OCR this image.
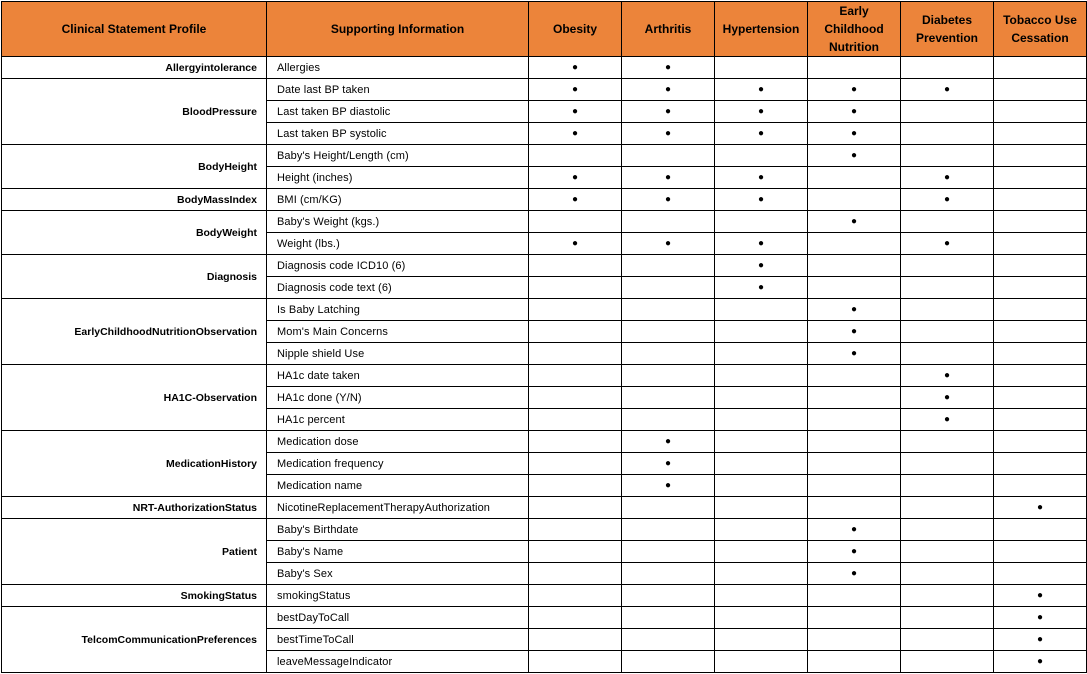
Clinical Statement Profile	Supporting Information	Obesity	Arthritis	Hypertension	Early Childhood Nutrition	Diabetes Prevention	Tobacco Use Cessation
Allergyintolerance	Allergies	●	●				
BloodPressure	Date last BP taken	●	●	●	●	●	
	Last taken BP diastolic	●	●	●	●		
	Last taken BP systolic	●	●	●	●		
BodyHeight	Baby's Height/Length (cm)				●		
	Height (inches)	●	●	●		●	
BodyMassIndex	BMI (cm/KG)	●	●	●		●	
BodyWeight	Baby's Weight (kgs.)				●		
	Weight (lbs.)	●	●	●		●	
Diagnosis	Diagnosis code ICD10 (6)			●			
	Diagnosis code text (6)			●			
EarlyChildhoodNutritionObservation	Is Baby Latching				●		
	Mom's Main Concerns				●		
	Nipple shield Use				●		
HA1C-Observation	HA1c date taken					●	
	HA1c done (Y/N)					●	
	HA1c percent					●	
MedicationHistory	Medication dose		●				
	Medication frequency		●				
	Medication name		●				
NRT-AuthorizationStatus	NicotineReplacementTherapyAuthorization						●
Patient	Baby's Birthdate				●		
	Baby's Name				●		
	Baby's Sex				●		
SmokingStatus	smokingStatus						●
TelcomCommunicationPreferences	bestDayToCall						●
	bestTimeToCall						●
	leaveMessageIndicator						●
